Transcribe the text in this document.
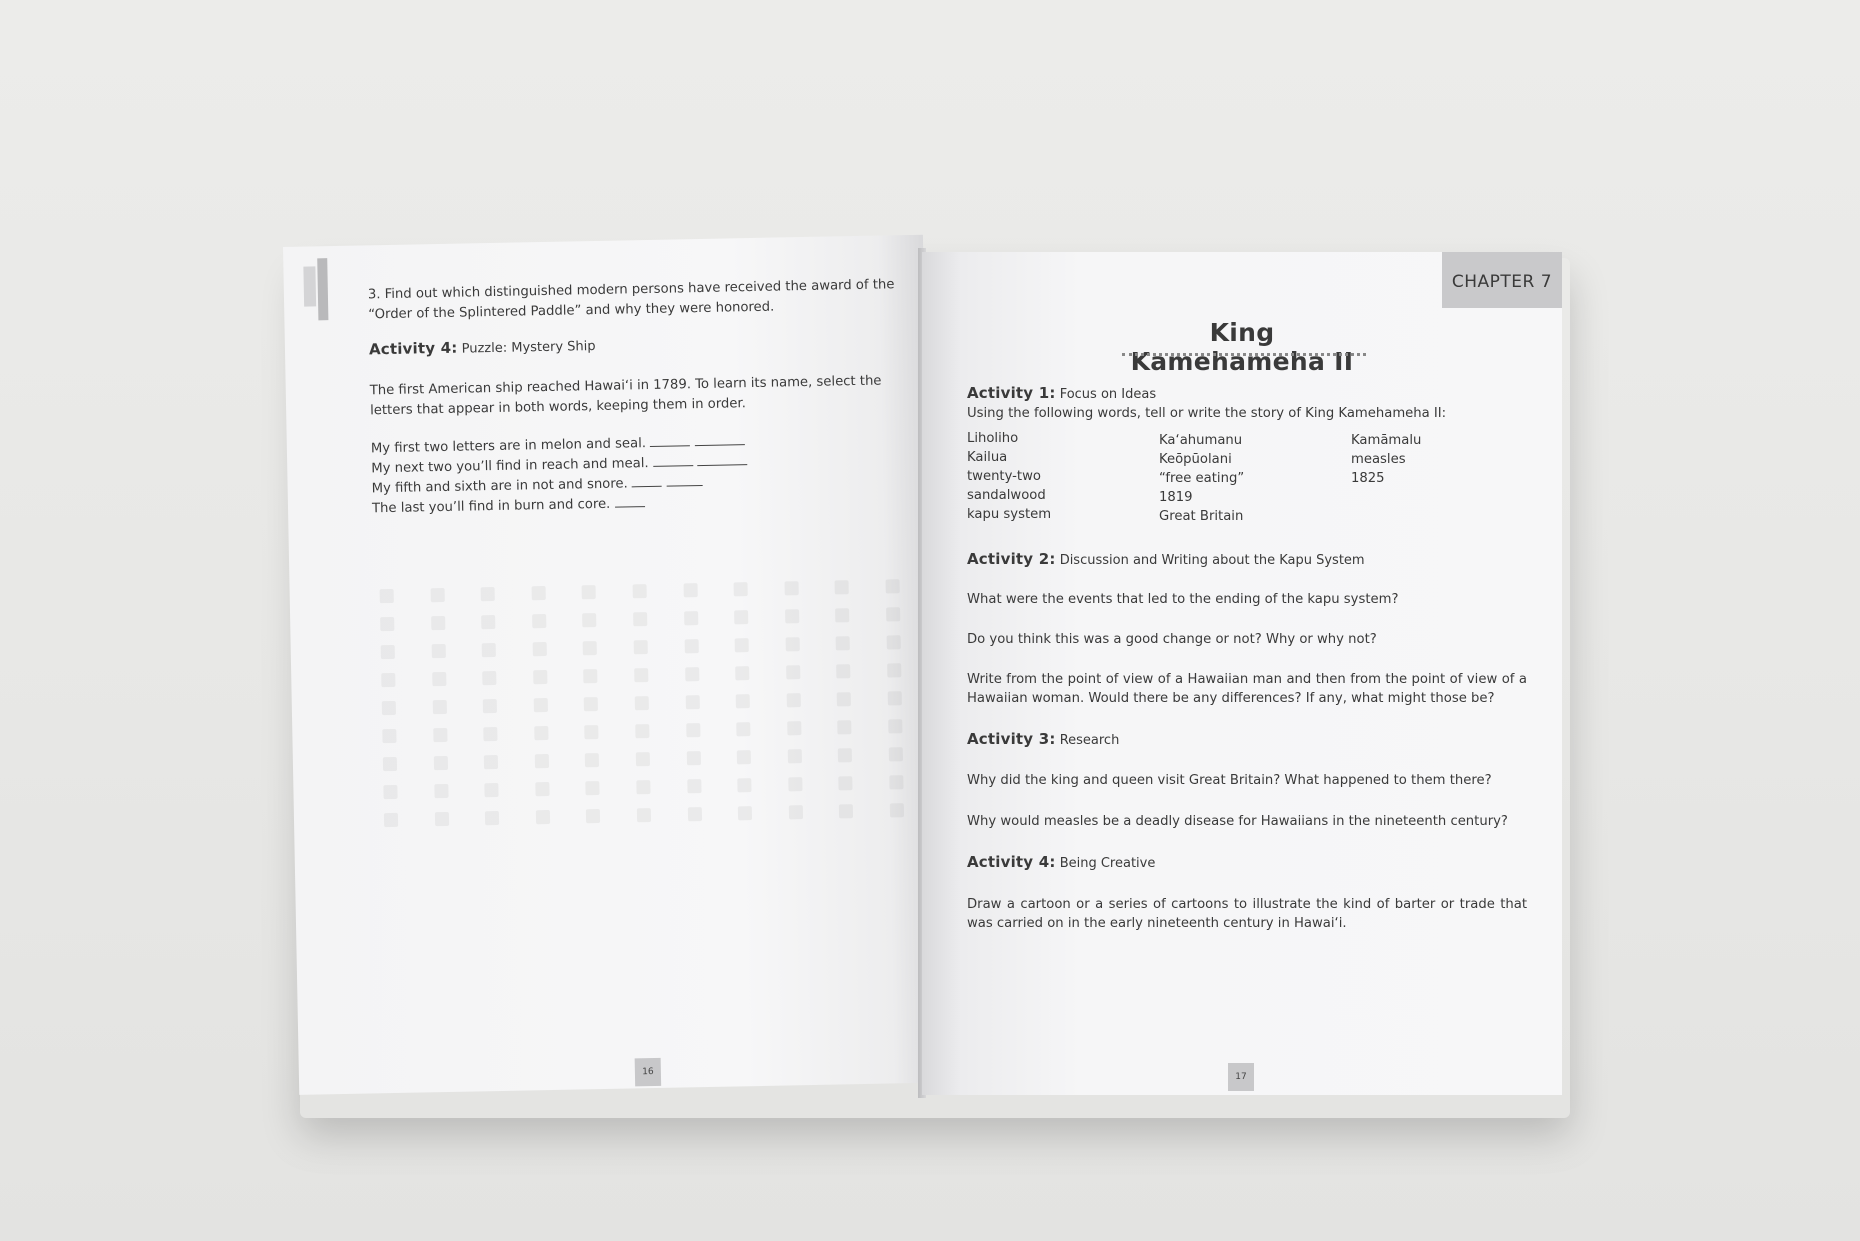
3. Find out which distinguished modern persons have received the award of the “Order of the Splintered Paddle” and why they were honored.

Activity 4: Puzzle: Mystery Ship

The first American ship reached Hawai‘i in 1789. To learn its name, select the letters that appear in both words, keeping them in order.

My first two letters are in melon and seal.

My next two you’ll find in reach and meal.

My fifth and sixth are in not and snore.

The last you’ll find in burn and core.

16
CHAPTER 7
King Kamehameha II

Activity 1: Focus on Ideas

Using the following words, tell or write the story of King Kamehameha II:

Liholiho
Kailua
twenty-two
sandalwood
kapu system
Ka‘ahumanu
Keōpūolani
“free eating”
1819
Great Britain
Kamāmalu
measles
1825

Activity 2: Discussion and Writing about the Kapu System

What were the events that led to the ending of the kapu system?

Do you think this was a good change or not? Why or why not?

Write from the point of view of a Hawaiian man and then from the point of view of a Hawaiian woman. Would there be any differences? If any, what might those be?

Activity 3: Research

Why did the king and queen visit Great Britain? What happened to them there?

Why would measles be a deadly disease for Hawaiians in the nineteenth century?

Activity 4: Being Creative

Draw a cartoon or a series of cartoons to illustrate the kind of barter or trade that was carried on in the early nineteenth century in Hawai‘i.

17
